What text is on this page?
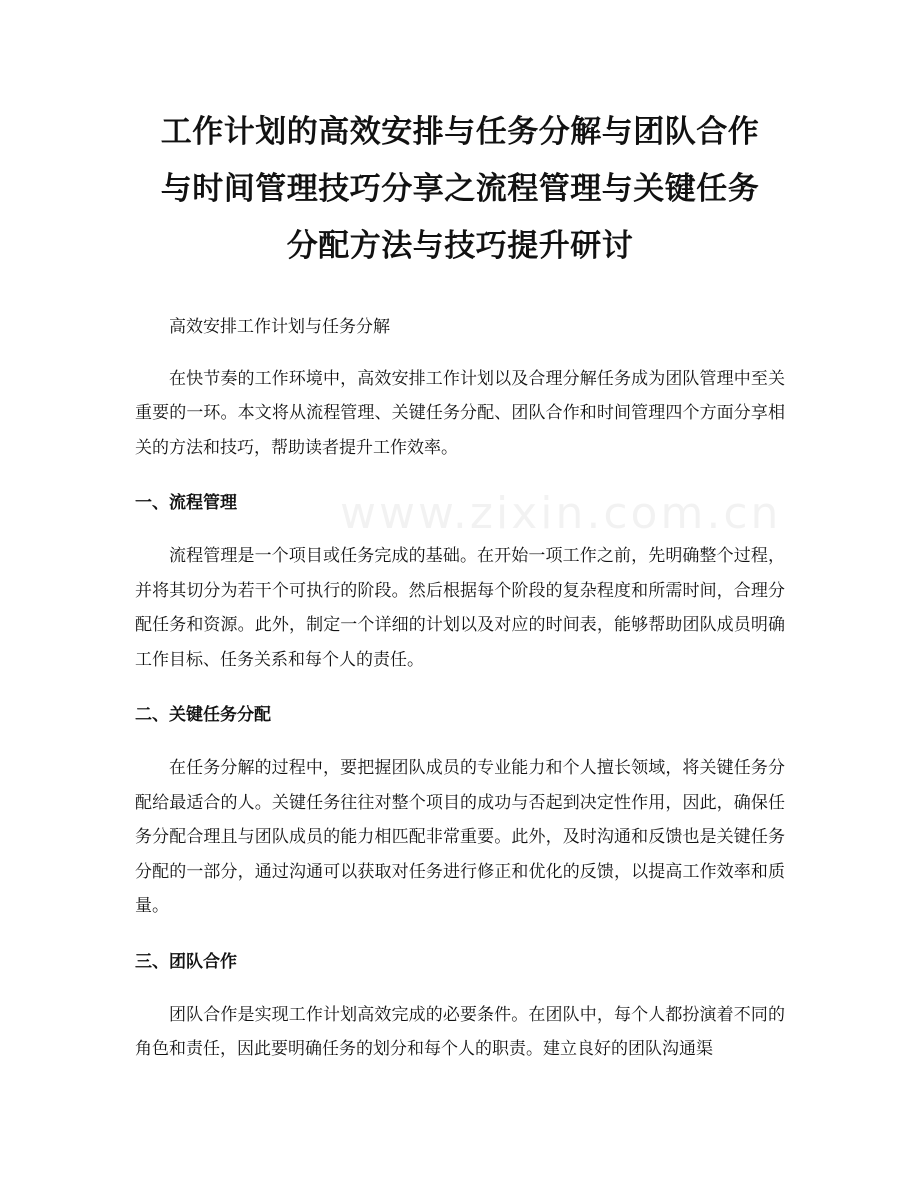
工作计划的高效安排与任务分解与团队合作
与时间管理技巧分享之流程管理与关键任务
分配方法与技巧提升研讨

高效安排工作计划与任务分解

在快节奏的工作环境中，高效安排工作计划以及合理分解任务成为团队管理中至关重要的一环。本文将从流程管理、关键任务分配、团队合作和时间管理四个方面分享相关的方法和技巧，帮助读者提升工作效率。

一、流程管理

流程管理是一个项目或任务完成的基础。在开始一项工作之前，先明确整个过程，并将其切分为若干个可执行的阶段。然后根据每个阶段的复杂程度和所需时间，合理分配任务和资源。此外，制定一个详细的计划以及对应的时间表，能够帮助团队成员明确工作目标、任务关系和每个人的责任。

二、关键任务分配

在任务分解的过程中，要把握团队成员的专业能力和个人擅长领域，将关键任务分配给最适合的人。关键任务往往对整个项目的成功与否起到决定性作用，因此，确保任务分配合理且与团队成员的能力相匹配非常重要。此外，及时沟通和反馈也是关键任务分配的一部分，通过沟通可以获取对任务进行修正和优化的反馈，以提高工作效率和质量。

三、团队合作

团队合作是实现工作计划高效完成的必要条件。在团队中，每个人都扮演着不同的角色和责任，因此要明确任务的划分和每个人的职责。建立良好的团队沟通渠

www.zixin.com.cn
